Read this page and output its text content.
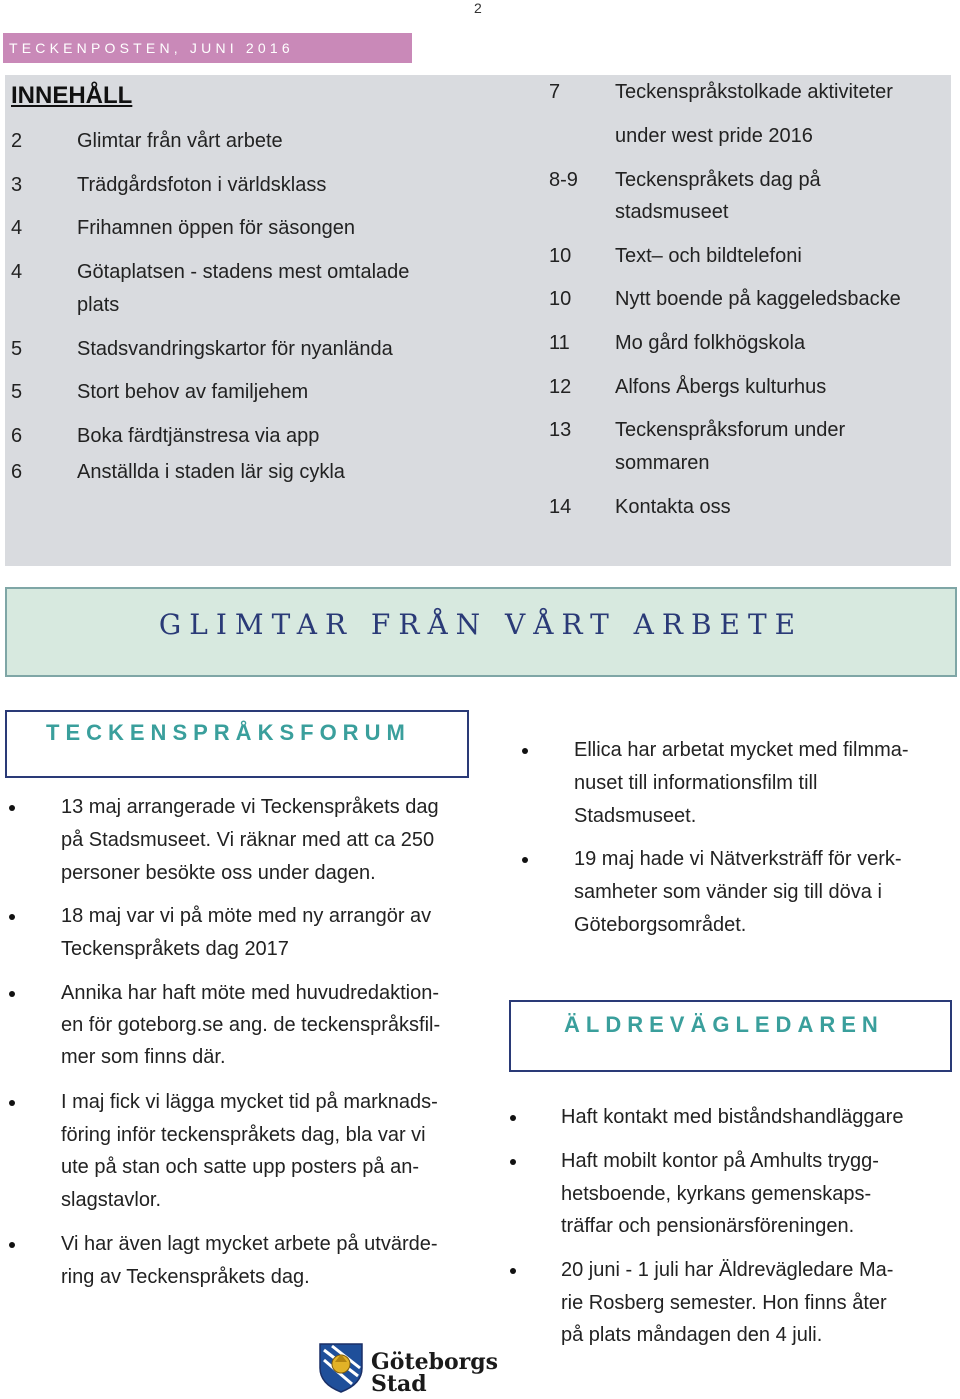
2
TECKENPOSTEN, JUNI 2016
INNEHÅLL
2	Glimtar från vårt arbete
3	Trädgårdsfoton i världsklass
4	Frihamnen öppen för säsongen
4	Götaplatsen - stadens mest omtalade
plats
5	Stadsvandringskartor för nyanlända
5	Stort behov av familjehem
6	Boka färdtjänstresa via app
6	Anställda i staden lär sig cykla
7	Teckenspråkstolkade aktiviteter
under west pride 2016
8-9 Teckenspråkets dag på
stadsmuseet
10 Text– och bildtelefoni
10 Nytt boende på kaggeledsbacke
11 Mo gård folkhögskola
12 Alfons Åbergs kulturhus
13 Teckenspråksforum under
sommaren
14 Kontakta oss
GLIMTAR FRÅN VÅRT ARBETE
TECKENSPRÅKSFORUM
13 maj arrangerade vi Teckenspråkets dag
på Stadsmuseet. Vi räknar med att ca 250
personer besökte oss under dagen.
18 maj var vi på möte med ny arrangör av
Teckenspråkets dag 2017
Annika har haft möte med huvudredaktion-
en för goteborg.se ang. de teckenspråksfil-
mer som finns där.
I maj fick vi lägga mycket tid på marknads-
föring inför teckenspråkets dag, bla var vi
ute på stan och satte upp posters på an-
slagstavlor.
Vi har även lagt mycket arbete på utvärde-
ring av Teckenspråkets dag.
Ellica har arbetat mycket med filmma-
nuset till informationsfilm till
Stadsmuseet.
19 maj hade vi Nätverksträff för verk-
samheter som vänder sig till döva i
Göteborgsområdet.
ÄLDREVÄGLEDAREN
Haft kontakt med biståndshandläggare
Haft mobilt kontor på Amhults trygg-
hetsboende, kyrkans gemenskaps-
träffar och pensionärsföreningen.
20 juni - 1 juli har Äldrevägledare Ma-
rie Rosberg semester. Hon finns åter
på plats måndagen den 4 juli.
Göteborgs
Stad
